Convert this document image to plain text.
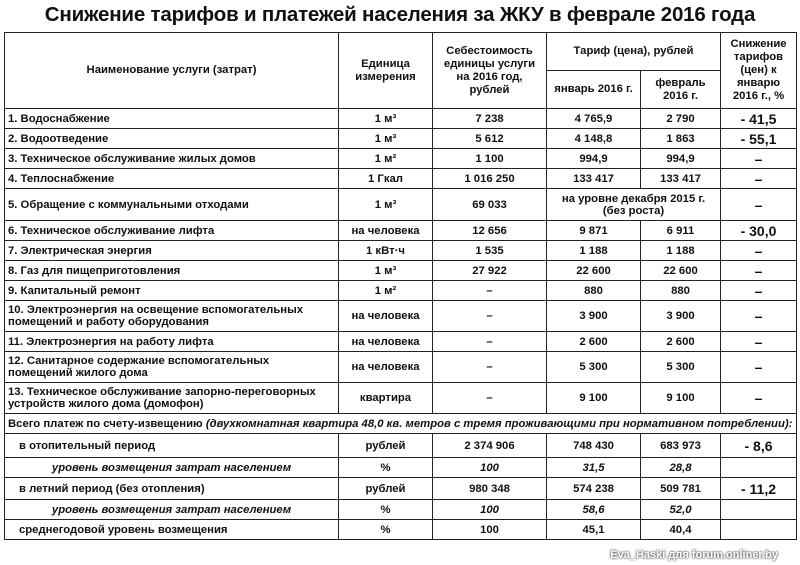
Снижение тарифов и платежей населения за ЖКУ в феврале 2016 года
Наименование услуги (затрат)	Единица измерения	Себестоимость единицы услуги на 2016 год, рублей	Тариф (цена), рублей		Снижение тарифов (цен) к январю 2016 г., %
			январь 2016 г.	февраль 2016 г.	
1. Водоснабжение	1 м³	7 238	4 765,9	2 790	- 41,5
2. Водоотведение	1 м³	5 612	4 148,8	1 863	- 55,1
3. Техническое обслуживание жилых домов	1 м²	1 100	994,9	994,9	–
4. Теплоснабжение	1 Гкал	1 016 250	133 417	133 417	–
5. Обращение с коммунальными отходами	1 м³	69 033	на уровне декабря 2015 г. (без роста)		–
6. Техническое обслуживание лифта	на человека	12 656	9 871	6 911	- 30,0
7. Электрическая энергия	1 кВт·ч	1 535	1 188	1 188	–
8. Газ для пищеприготовления	1 м³	27 922	22 600	22 600	–
9. Капитальный ремонт	1 м²	–	880	880	–
10. Электроэнергия на освещение вспомогательных помещений и работу оборудования	на человека	–	3 900	3 900	–
11. Электроэнергия на работу лифта	на человека	–	2 600	2 600	–
12. Санитарное содержание вспомогательных помещений жилого дома	на человека	–	5 300	5 300	–
13. Техническое обслуживание запорно-переговорных устройств жилого дома (домофон)	квартира	–	9 100	9 100	–
Всего платеж по счету-извещению (двухкомнатная квартира 48,0 кв. метров с тремя проживающими при нормативном потреблении):					
в отопительный период	рублей	2 374 906	748 430	683 973	- 8,6
уровень возмещения затрат населением	%	100	31,5	28,8	
в летний период (без отопления)	рублей	980 348	574 238	509 781	- 11,2
уровень возмещения затрат населением	%	100	58,6	52,0	
среднегодовой уровень возмещения	%	100	45,1	40,4	
Eva_Haski для forum.onliner.by
